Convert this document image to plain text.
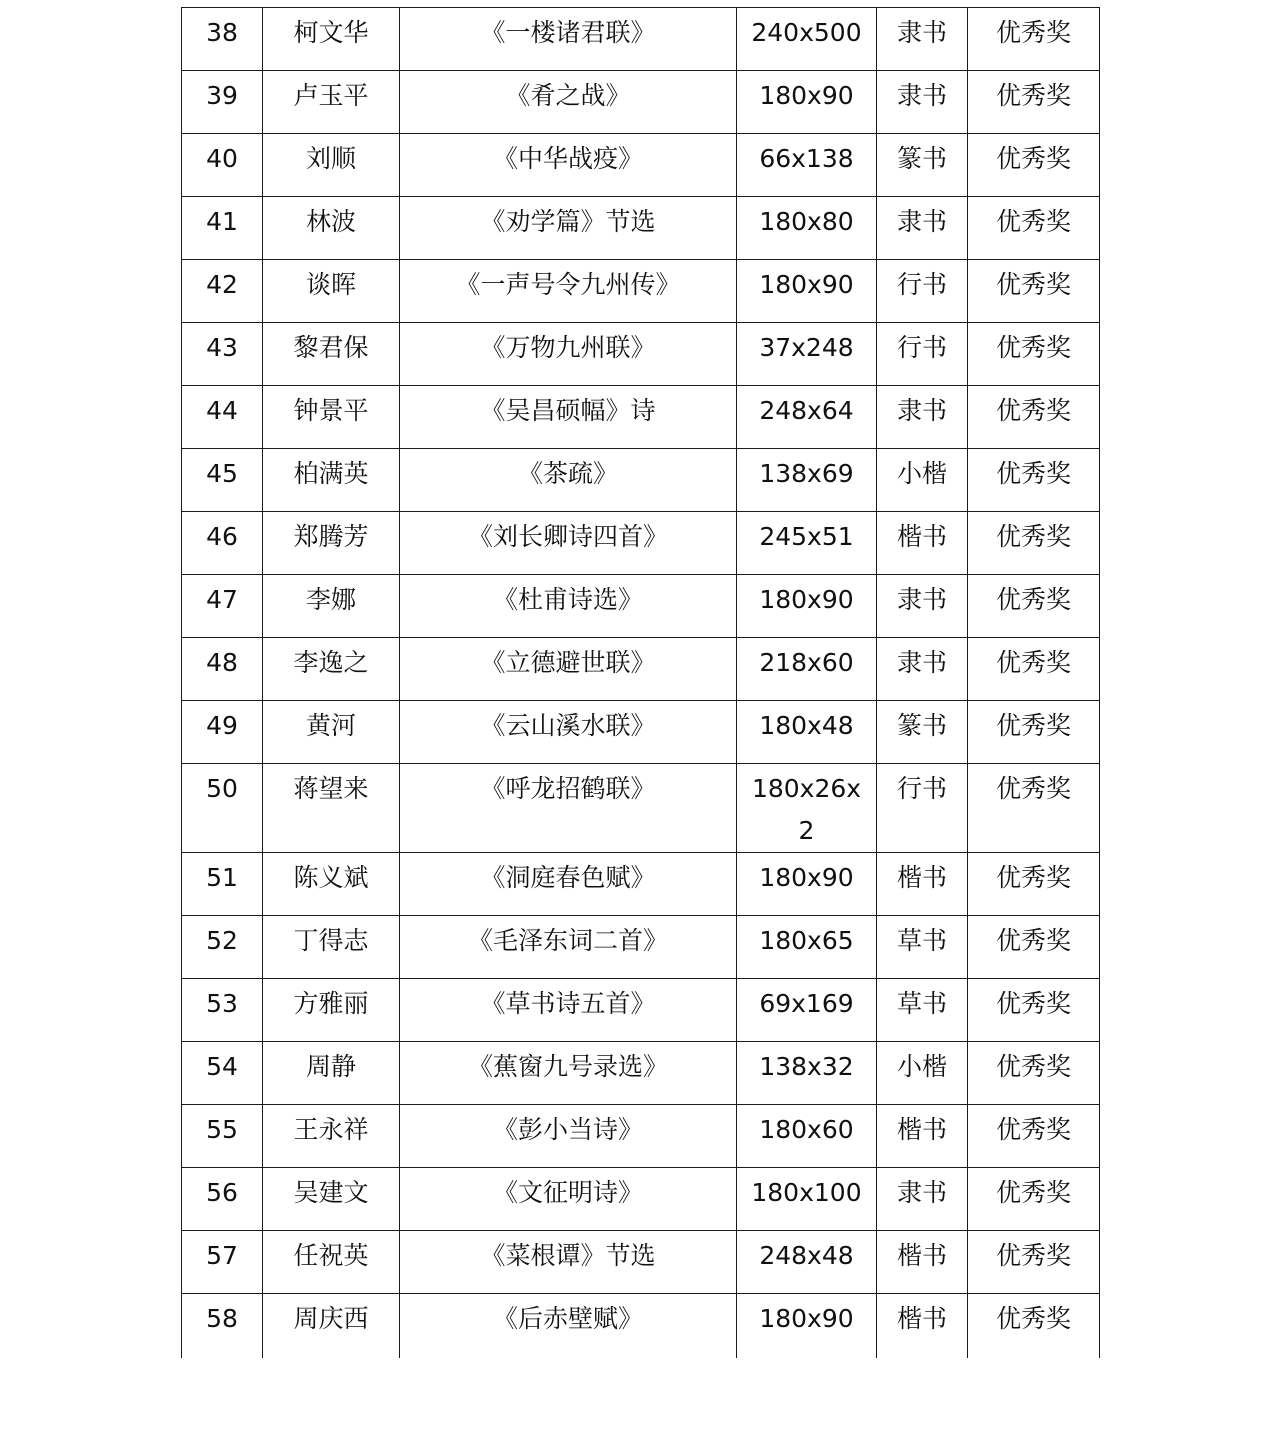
38	柯文华	《一楼诸君联》	240x500	隶书	优秀奖
39	卢玉平	《肴之战》	180x90	隶书	优秀奖
40	刘顺	《中华战疫》	66x138	篆书	优秀奖
41	林波	《劝学篇》节选	180x80	隶书	优秀奖
42	谈晖	《一声号令九州传》	180x90	行书	优秀奖
43	黎君保	《万物九州联》	37x248	行书	优秀奖
44	钟景平	《吴昌硕幅》诗	248x64	隶书	优秀奖
45	柏满英	《茶疏》	138x69	小楷	优秀奖
46	郑腾芳	《刘长卿诗四首》	245x51	楷书	优秀奖
47	李娜	《杜甫诗选》	180x90	隶书	优秀奖
48	李逸之	《立德避世联》	218x60	隶书	优秀奖
49	黄河	《云山溪水联》	180x48	篆书	优秀奖
50	蒋望来	《呼龙招鹤联》	180x26x2	行书	优秀奖
51	陈义斌	《洞庭春色赋》	180x90	楷书	优秀奖
52	丁得志	《毛泽东词二首》	180x65	草书	优秀奖
53	方雅丽	《草书诗五首》	69x169	草书	优秀奖
54	周静	《蕉窗九号录选》	138x32	小楷	优秀奖
55	王永祥	《彭小当诗》	180x60	楷书	优秀奖
56	吴建文	《文征明诗》	180x100	隶书	优秀奖
57	任祝英	《菜根谭》节选	248x48	楷书	优秀奖
58	周庆西	《后赤壁赋》	180x90	楷书	优秀奖
